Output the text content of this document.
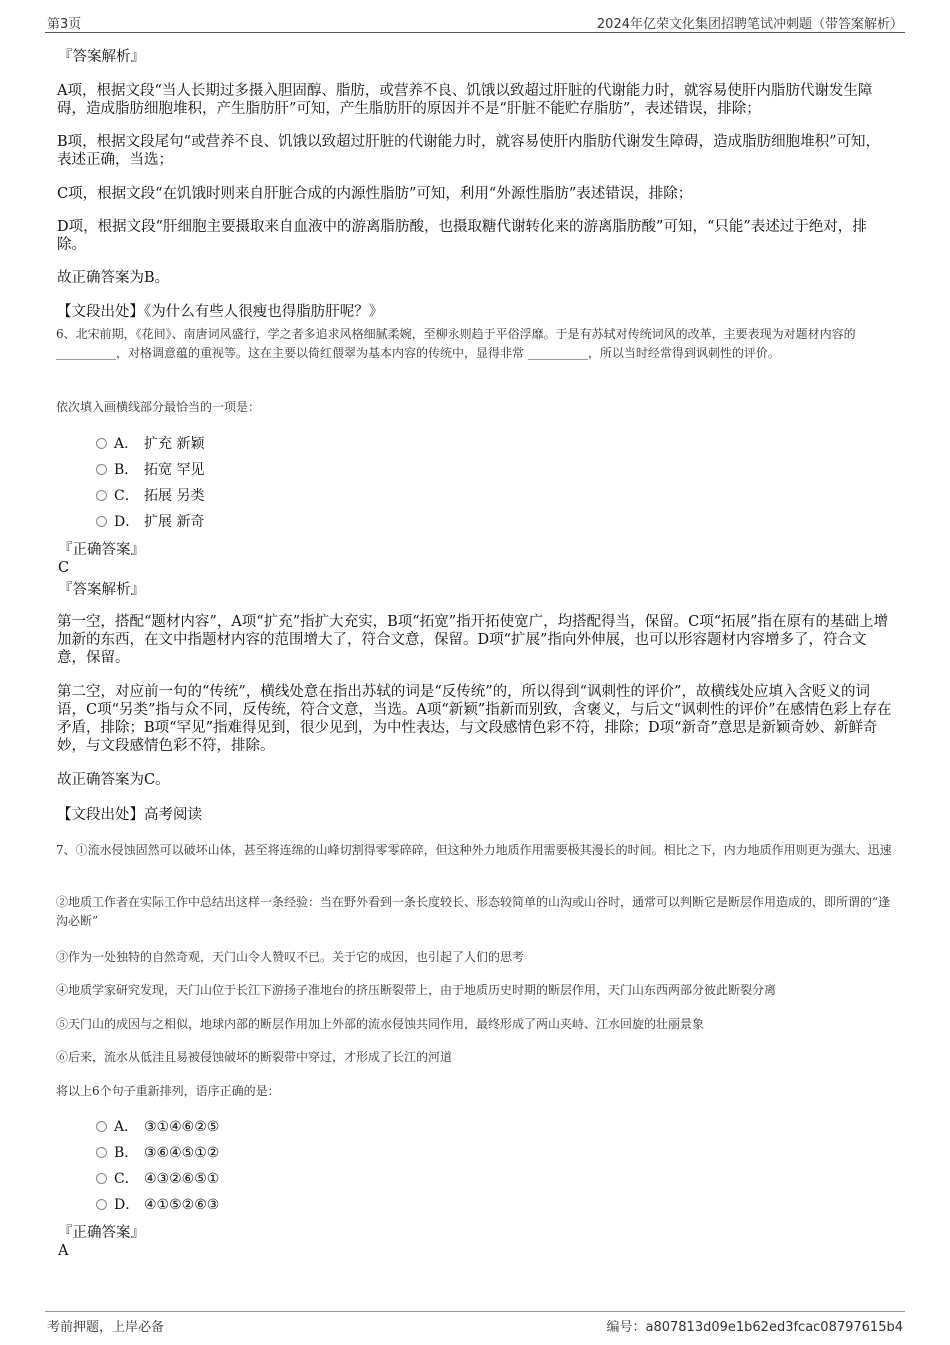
第3页	2024年亿荣文化集团招聘笔试冲刺题（带答案解析）
『答案解析』
A项，根据文段“当人长期过多摄入胆固醇、脂肪，或营养不良、饥饿以致超过肝脏的代谢能力时，就容易使肝内脂肪代谢发生障碍，造成脂肪细胞堆积，产生脂肪肝”可知，产生脂肪肝的原因并不是“肝脏不能贮存脂肪”，表述错误，排除；
B项，根据文段尾句“或营养不良、饥饿以致超过肝脏的代谢能力时，就容易使肝内脂肪代谢发生障碍，造成脂肪细胞堆积”可知，表述正确，当选；
C项，根据文段“在饥饿时则来自肝脏合成的内源性脂肪”可知，利用“外源性脂肪”表述错误，排除；
D项，根据文段“肝细胞主要摄取来自血液中的游离脂肪酸，也摄取糖代谢转化来的游离脂肪酸”可知，“只能”表述过于绝对，排除。
故正确答案为B。
【文段出处】《为什么有些人很瘦也得脂肪肝呢？》
6、北宋前期，《花间》、南唐词风盛行，学之者多追求风格细腻柔婉，至柳永则趋于平俗浮靡。于是有苏轼对传统词风的改革，主要表现为对题材内容的 __________，对格调意蕴的重视等。这在主要以倚红偎翠为基本内容的传统中，显得非常 __________，所以当时经常得到讽刺性的评价。
依次填入画横线部分最恰当的一项是：
A． 扩充 新颖
B． 拓宽 罕见
C． 拓展 另类
D． 扩展 新奇
『正确答案』
C
『答案解析』
第一空，搭配“题材内容”，A项“扩充”指扩大充实，B项“拓宽”指开拓使宽广，均搭配得当，保留。C项“拓展”指在原有的基础上增加新的东西，在文中指题材内容的范围增大了，符合文意，保留。D项“扩展”指向外伸展，也可以形容题材内容增多了，符合文意，保留。
第二空，对应前一句的“传统”，横线处意在指出苏轼的词是“反传统”的，所以得到“讽刺性的评价”，故横线处应填入含贬义的词语，C项“另类”指与众不同，反传统，符合文意，当选。A项“新颖”指新而别致，含褒义，与后文“讽刺性的评价”在感情色彩上存在矛盾，排除；B项“罕见”指难得见到，很少见到，为中性表达，与文段感情色彩不符，排除；D项“新奇”意思是新颖奇妙、新鲜奇妙，与文段感情色彩不符，排除。
故正确答案为C。
【文段出处】高考阅读
7、①流水侵蚀固然可以破坏山体，甚至将连绵的山峰切割得零零碎碎，但这种外力地质作用需要极其漫长的时间。相比之下，内力地质作用则更为强大、迅速
②地质工作者在实际工作中总结出这样一条经验：当在野外看到一条长度较长、形态较简单的山沟或山谷时，通常可以判断它是断层作用造成的，即所谓的“逢沟必断”
③作为一处独特的自然奇观，天门山令人赞叹不已。关于它的成因，也引起了人们的思考
④地质学家研究发现，天门山位于长江下游扬子准地台的挤压断裂带上，由于地质历史时期的断层作用，天门山东西两部分彼此断裂分离
⑤天门山的成因与之相似，地球内部的断层作用加上外部的流水侵蚀共同作用，最终形成了两山夹峙、江水回旋的壮丽景象
⑥后来，流水从低洼且易被侵蚀破坏的断裂带中穿过，才形成了长江的河道
将以上6个句子重新排列，语序正确的是：
A． ③①④⑥②⑤
B． ③⑥④⑤①②
C． ④③②⑥⑤①
D． ④①⑤②⑥③
『正确答案』
A
考前押题，上岸必备	编号：a807813d09e1b62ed3fcac08797615b4
